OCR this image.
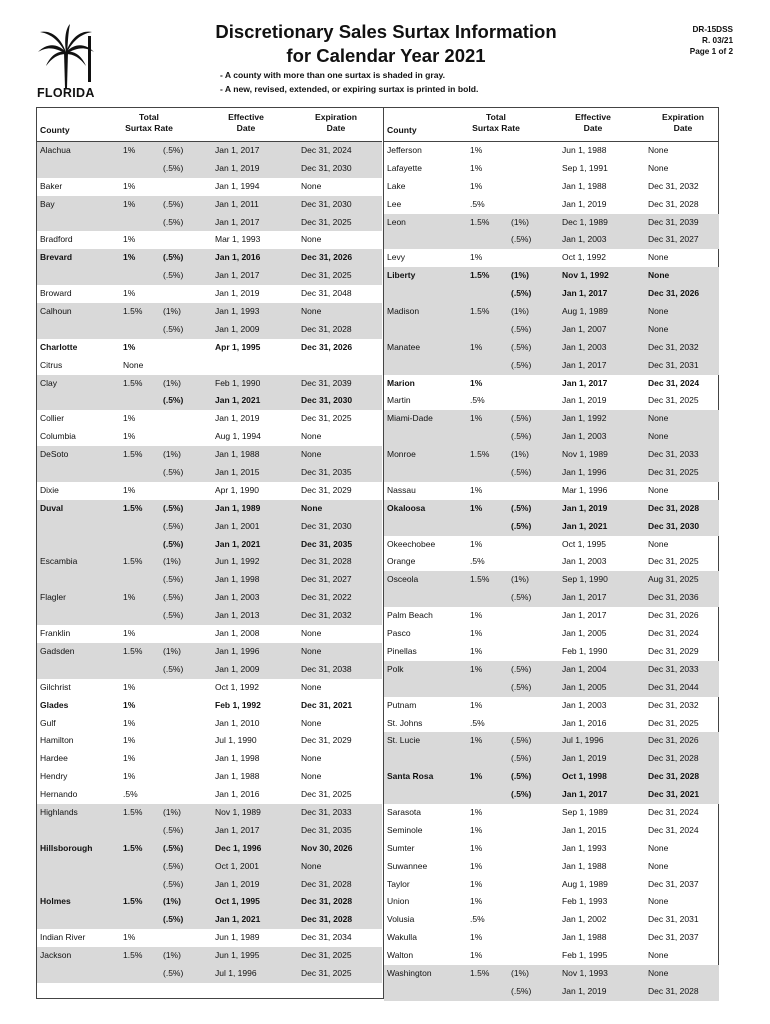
FLORIDA
Discretionary Sales Surtax Information
for Calendar Year 2021
- A county with more than one surtax is shaded in gray.
- A new, revised, extended, or expiring surtax is printed in bold.
DR-15DSS
R. 03/21
Page 1 of 2
County
Total
Surtax Rate
Effective
Date
Expiration
Date
Alachua	1%	(.5%)	Jan 1, 2017	Dec 31, 2024
(.5%)	Jan 1, 2019	Dec 31, 2030
Baker	1%	Jan 1, 1994	None
Bay	1%	(.5%)	Jan 1, 2011	Dec 31, 2030
(.5%)	Jan 1, 2017	Dec 31, 2025
Bradford	1%	Mar 1, 1993	None
Brevard	1%	(.5%)	Jan 1, 2016	Dec 31, 2026
(.5%)	Jan 1, 2017	Dec 31, 2025
Broward	1%	Jan 1, 2019	Dec 31, 2048
Calhoun	1.5% (1%)	Jan 1, 1993	None
(.5%)	Jan 1, 2009	Dec 31, 2028
Charlotte	1%	Apr 1, 1995	Dec 31, 2026
Citrus	None
Clay	1.5% (1%)	Feb 1, 1990	Dec 31, 2039
(.5%)	Jan 1, 2021	Dec 31, 2030
Collier	1%	Jan 1, 2019	Dec 31, 2025
Columbia	1%	Aug 1, 1994	None
DeSoto	1.5% (1%)	Jan 1, 1988	None
(.5%)	Jan 1, 2015	Dec 31, 2035
Dixie	1%	Apr 1, 1990	Dec 31, 2029
Duval	1.5% (.5%)	Jan 1, 1989	None
(.5%)	Jan 1, 2001	Dec 31, 2030
(.5%)	Jan 1, 2021	Dec 31, 2035
Escambia	1.5% (1%)	Jun 1, 1992	Dec 31, 2028
(.5%)	Jan 1, 1998	Dec 31, 2027
Flagler	1%	(.5%)	Jan 1, 2003	Dec 31, 2022
(.5%)	Jan 1, 2013	Dec 31, 2032
Franklin	1%	Jan 1, 2008	None
Gadsden	1.5% (1%)	Jan 1, 1996	None
(.5%)	Jan 1, 2009	Dec 31, 2038
Gilchrist	1%	Oct 1, 1992	None
Glades	1%	Feb 1, 1992	Dec 31, 2021
Gulf	1%	Jan 1, 2010	None
Hamilton	1%	Jul 1, 1990	Dec 31, 2029
Hardee	1%	Jan 1, 1998	None
Hendry	1%	Jan 1, 1988	None
Hernando	.5%	Jan 1, 2016	Dec 31, 2025
Highlands	1.5% (1%)	Nov 1, 1989	Dec 31, 2033
(.5%)	Jan 1, 2017	Dec 31, 2035
Hillsborough	1.5% (.5%)	Dec 1, 1996	Nov 30, 2026
(.5%)	Oct 1, 2001	None
(.5%)	Jan 1, 2019	Dec 31, 2028
Holmes	1.5% (1%)	Oct 1, 1995	Dec 31, 2028
(.5%)	Jan 1, 2021	Dec 31, 2028
Indian River	1%	Jun 1, 1989	Dec 31, 2034
Jackson	1.5% (1%)	Jun 1, 1995	Dec 31, 2025
(.5%)	Jul 1, 1996	Dec 31, 2025
County
Total
Surtax Rate
Effective
Date
Expiration
Date
Jefferson	1%	Jun 1, 1988	None
Lafayette	1%	Sep 1, 1991	None
Lake	1%	Jan 1, 1988	Dec 31, 2032
Lee	.5%	Jan 1, 2019	Dec 31, 2028
Leon	1.5%	(1%)	Dec 1, 1989	Dec 31, 2039
(.5%)	Jan 1, 2003	Dec 31, 2027
Levy	1%	Oct 1, 1992	None
Liberty	1.5%	(1%)	Nov 1, 1992	None
(.5%)	Jan 1, 2017	Dec 31, 2026
Madison	1.5%	(1%)	Aug 1, 1989	None
(.5%)	Jan 1, 2007	None
Manatee	1%	(.5%)	Jan 1, 2003	Dec 31, 2032
(.5%)	Jan 1, 2017	Dec 31, 2031
Marion	1%	Jan 1, 2017	Dec 31, 2024
Martin	.5%	Jan 1, 2019	Dec 31, 2025
Miami-Dade	1%	(.5%)	Jan 1, 1992	None
(.5%)	Jan 1, 2003	None
Monroe	1.5%	(1%)	Nov 1, 1989	Dec 31, 2033
(.5%)	Jan 1, 1996	Dec 31, 2025
Nassau	1%	Mar 1, 1996	None
Okaloosa	1%	(.5%)	Jan 1, 2019	Dec 31, 2028
(.5%)	Jan 1, 2021	Dec 31, 2030
Okeechobee	1%	Oct 1, 1995	None
Orange	.5%	Jan 1, 2003	Dec 31, 2025
Osceola	1.5%	(1%)	Sep 1, 1990	Aug 31, 2025
(.5%)	Jan 1, 2017	Dec 31, 2036
Palm Beach	1%	Jan 1, 2017	Dec 31, 2026
Pasco	1%	Jan 1, 2005	Dec 31, 2024
Pinellas	1%	Feb 1, 1990	Dec 31, 2029
Polk	1%	(.5%)	Jan 1, 2004	Dec 31, 2033
(.5%)	Jan 1, 2005	Dec 31, 2044
Putnam	1%	Jan 1, 2003	Dec 31, 2032
St. Johns	.5%	Jan 1, 2016	Dec 31, 2025
St. Lucie	1%	(.5%)	Jul 1, 1996	Dec 31, 2026
(.5%)	Jan 1, 2019	Dec 31, 2028
Santa Rosa	1%	(.5%)	Oct 1, 1998	Dec 31, 2028
(.5%)	Jan 1, 2017	Dec 31, 2021
Sarasota	1%	Sep 1, 1989	Dec 31, 2024
Seminole	1%	Jan 1, 2015	Dec 31, 2024
Sumter	1%	Jan 1, 1993	None
Suwannee	1%	Jan 1, 1988	None
Taylor	1%	Aug 1, 1989	Dec 31, 2037
Union	1%	Feb 1, 1993	None
Volusia	.5%	Jan 1, 2002	Dec 31, 2031
Wakulla	1%	Jan 1, 1988	Dec 31, 2037
Walton	1%	Feb 1, 1995	None
Washington	1.5%	(1%)	Nov 1, 1993	None
(.5%)	Jan 1, 2019	Dec 31, 2028
